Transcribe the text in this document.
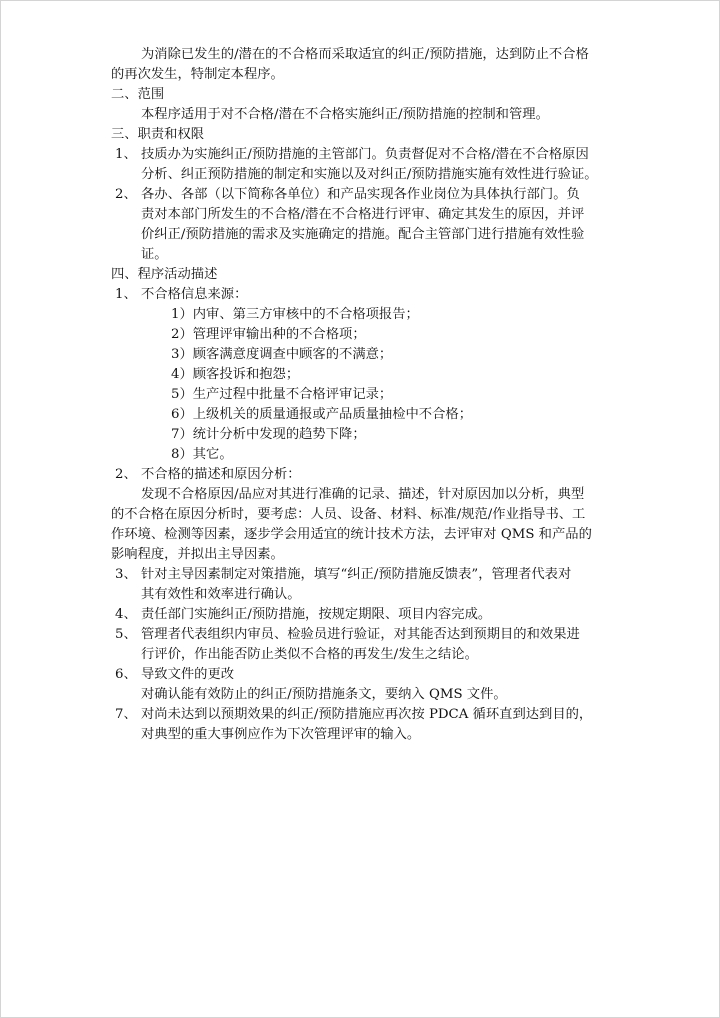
为消除已发生的/潜在的不合格而采取适宜的纠正/预防措施，达到防止不合格
的再次发生，特制定本程序。
二、范围
本程序适用于对不合格/潜在不合格实施纠正/预防措施的控制和管理。
三、职责和权限
1、 技质办为实施纠正/预防措施的主管部门。负责督促对不合格/潜在不合格原因
分析、纠正预防措施的制定和实施以及对纠正/预防措施实施有效性进行验证。
2、 各办、各部（以下简称各单位）和产品实现各作业岗位为具体执行部门。负
责对本部门所发生的不合格/潜在不合格进行评审、确定其发生的原因，并评
价纠正/预防措施的需求及实施确定的措施。配合主管部门进行措施有效性验
证。
四、程序活动描述
1、 不合格信息来源：
1）内审、第三方审核中的不合格项报告；
2）管理评审输出种的不合格项；
3）顾客满意度调查中顾客的不满意；
4）顾客投诉和抱怨；
5）生产过程中批量不合格评审记录；
6）上级机关的质量通报或产品质量抽检中不合格；
7）统计分析中发现的趋势下降；
8）其它。
2、 不合格的描述和原因分析：
发现不合格原因/品应对其进行准确的记录、描述，针对原因加以分析，典型
的不合格在原因分析时，要考虑：人员、设备、材料、标准/规范/作业指导书、工
作环境、检测等因素，逐步学会用适宜的统计技术方法，去评审对 QMS 和产品的
影响程度，并拟出主导因素。
3、 针对主导因素制定对策措施，填写“纠正/预防措施反馈表”，管理者代表对
其有效性和效率进行确认。
4、 责任部门实施纠正/预防措施，按规定期限、项目内容完成。
5、 管理者代表组织内审员、检验员进行验证，对其能否达到预期目的和效果进
行评价，作出能否防止类似不合格的再发生/发生之结论。
6、 导致文件的更改
对确认能有效防止的纠正/预防措施条文，要纳入 QMS 文件。
7、 对尚未达到以预期效果的纠正/预防措施应再次按 PDCA 循环直到达到目的，
对典型的重大事例应作为下次管理评审的输入。
